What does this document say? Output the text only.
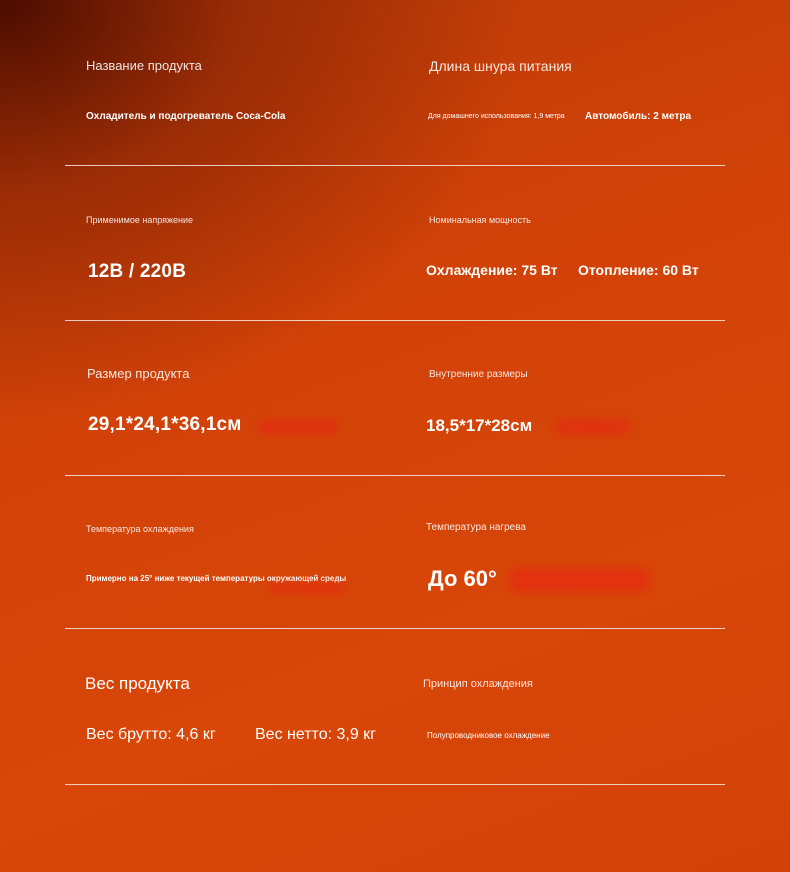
Название продукта
Охладитель и подогреватель Coca-Cola
Длина шнура питания
Для домашнего использования: 1,9 метра Автомобиль: 2 метра
Применимое напряжение
12В / 220В
Номинальная мощность
Охлаждение: 75 Вт Отопление: 60 Вт
Размер продукта
29,1*24,1*36,1см
Внутренние размеры
18,5*17*28см
Температура охлаждения
Примерно на 25° ниже текущей температуры окружающей среды
Температура нагрева
До 60°
Вес продукта
Вес брутто: 4,6 кг Вес нетто: 3,9 кг
Принцип охлаждения
Полупроводниковое охлаждение
